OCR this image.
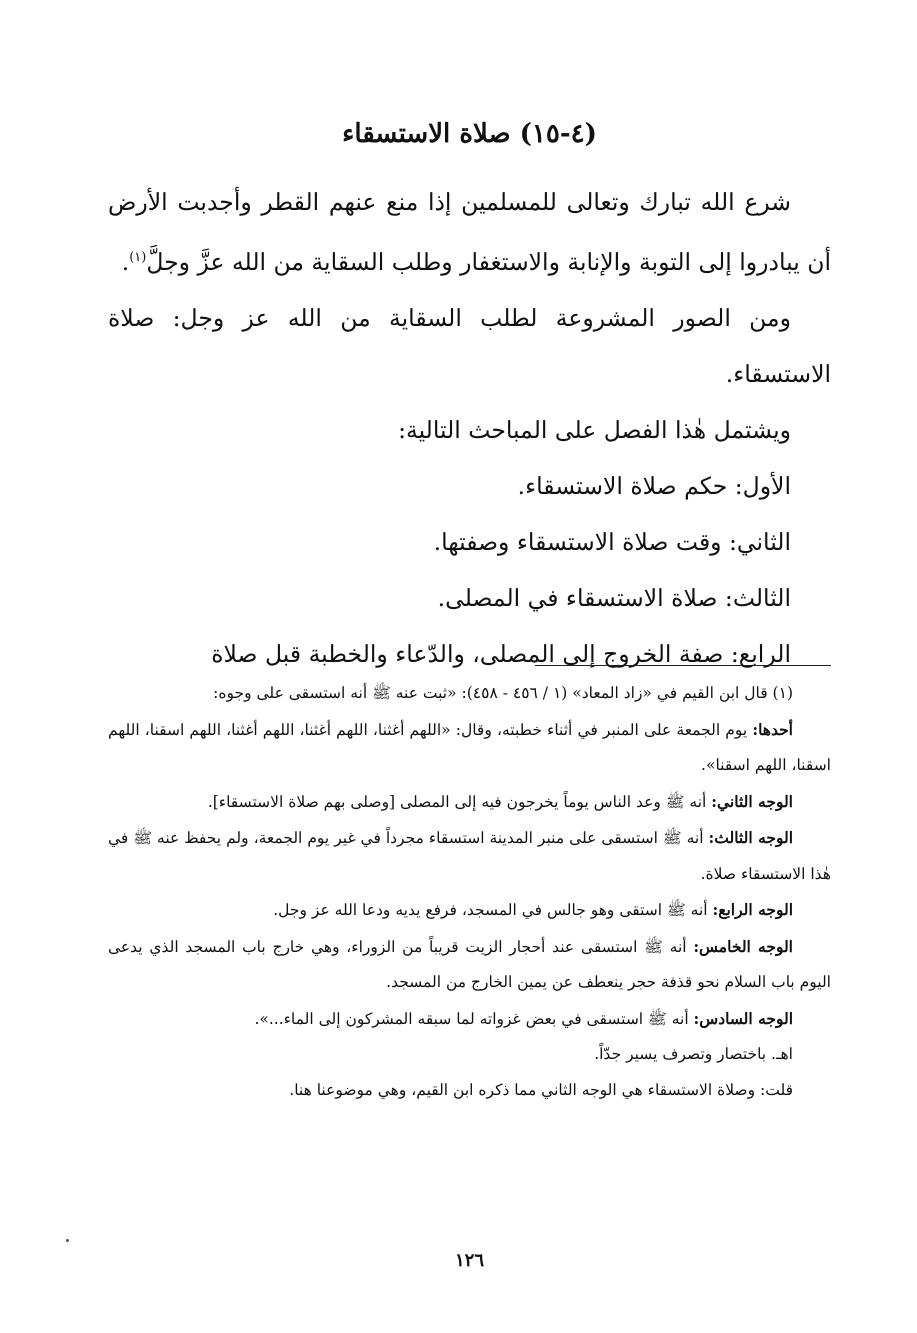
(٤-١٥) صلاة الاستسقاء

شرع الله تبارك وتعالى للمسلمين إذا منع عنهم القطر وأجدبت الأرض أن يبادروا إلى التوبة والإنابة والاستغفار وطلب السقاية من الله عزَّ وجلَّ$^{(١)}$.

ومن الصور المشروعة لطلب السقاية من الله عز وجل: صلاة الاستسقاء.

ويشتمل هٰذا الفصل على المباحث التالية:

الأول: حكم صلاة الاستسقاء.

الثاني: وقت صلاة الاستسقاء وصفتها.

الثالث: صلاة الاستسقاء في المصلى.

الرابع: صفة الخروج إلى المصلى، والدّعاء والخطبة قبل صلاة

(١) قال ابن القيم في «زاد المعاد» (١ / ٤٥٦ - ٤٥٨): «ثبت عنه ﷺ أنه استسقى على وجوه:

أحدها: يوم الجمعة على المنبر في أثناء خطبته، وقال: «اللهم أغثنا، اللهم أغثنا، اللهم أغثنا، اللهم اسقنا، اللهم اسقنا، اللهم اسقنا».

الوجه الثاني: أنه ﷺ وعد الناس يوماً يخرجون فيه إلى المصلى [وصلى بهم صلاة الاستسقاء].

الوجه الثالث: أنه ﷺ استسقى على منبر المدينة استسقاء مجرداً في غير يوم الجمعة، ولم يحفظ عنه ﷺ في هٰذا الاستسقاء صلاة.

الوجه الرابع: أنه ﷺ استقى وهو جالس في المسجد، فرفع يديه ودعا الله عز وجل.

الوجه الخامس: أنه ﷺ استسقى عند أحجار الزيت قريباً من الزوراء، وهي خارج باب المسجد الذي يدعى اليوم باب السلام نحو قذفة حجر ينعطف عن يمين الخارج من المسجد.

الوجه السادس: أنه ﷺ استسقى في بعض غزواته لما سبقه المشركون إلى الماء...».

اهـ. باختصار وتصرف يسير جدّاً.

قلت: وصلاة الاستسقاء هي الوجه الثاني مما ذكره ابن القيم، وهي موضوعنا هنا.

١٢٦
